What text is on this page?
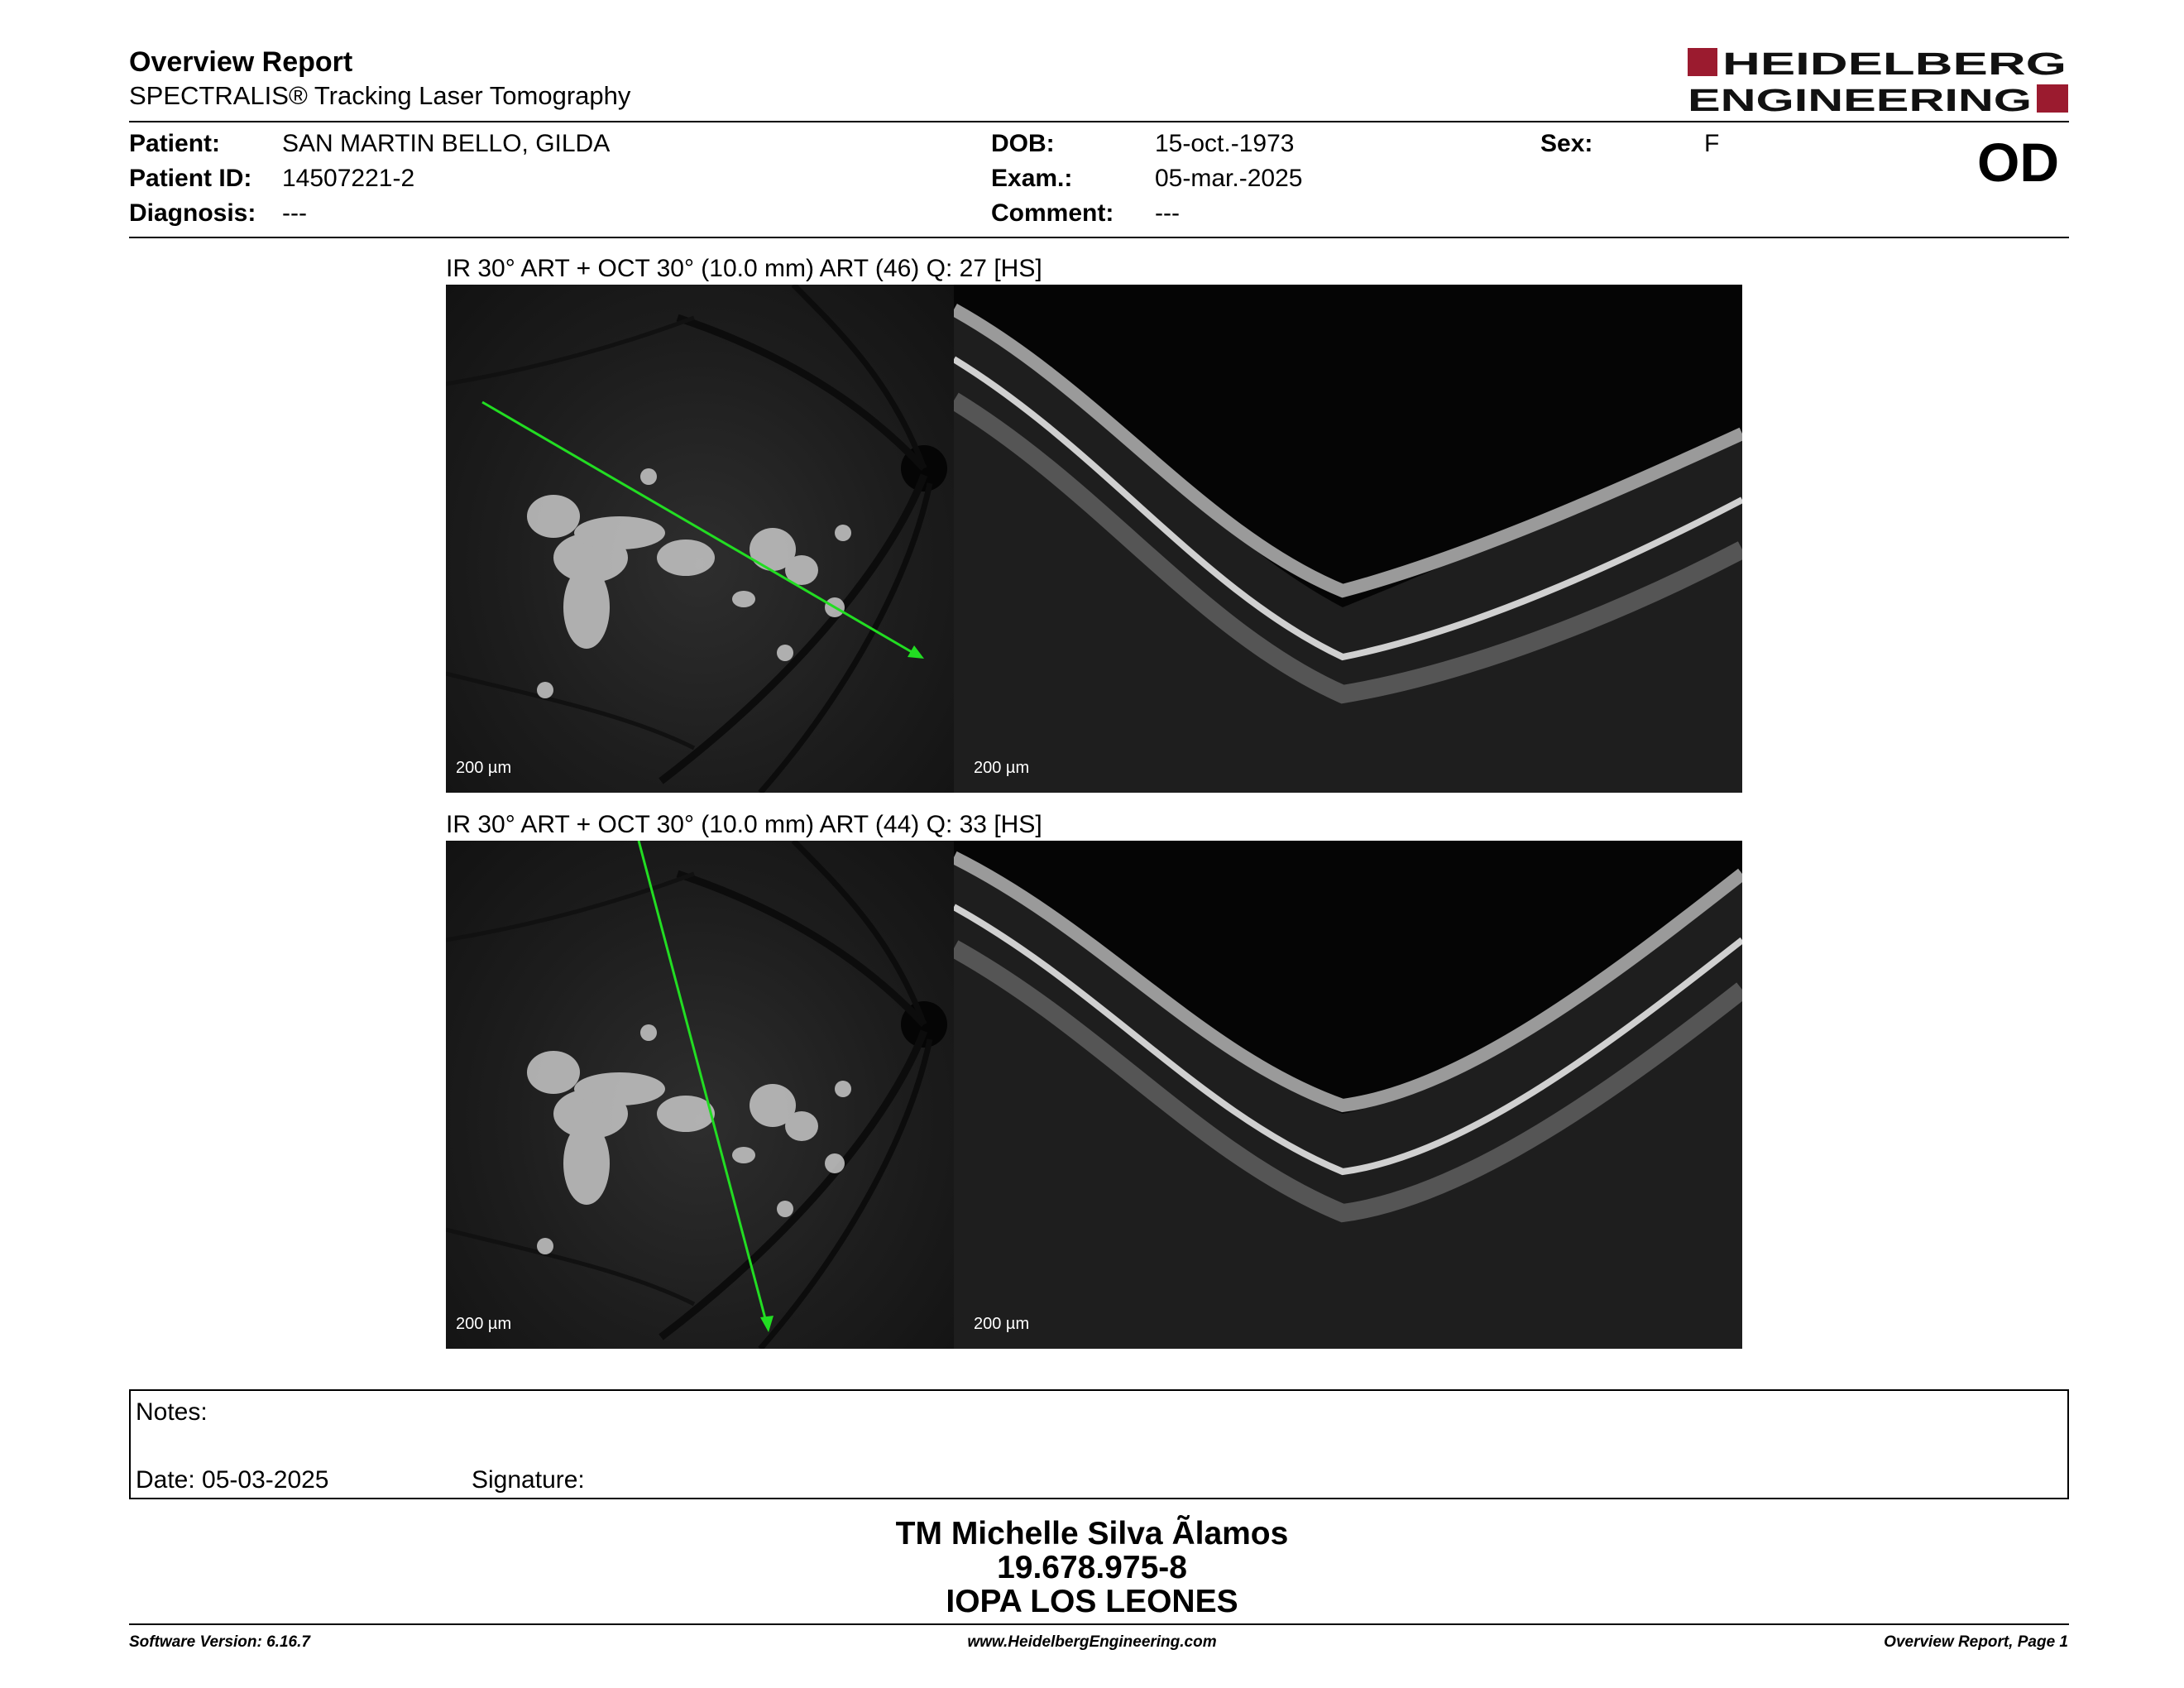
Overview Report
SPECTRALIS® Tracking Laser Tomography
HEIDELBERG
ENGINEERING
Patient: SAN MARTIN BELLO, GILDA
Patient ID: 14507221-2
Diagnosis: ---
DOB:	15-oct.-1973
Exam.:	05-mar.-2025
Comment: ---
Sex:	F	OD
IR 30° ART + OCT 30° (10.0 mm) ART (46) Q: 27 [HS]
200 µm	200 µm
IR 30° ART + OCT 30° (10.0 mm) ART (44) Q: 33 [HS]
200 µm	200 µm
Notes:
Date: 05-03-2025	Signature:
TM Michelle Silva Ãlamos
19.678.975-8
IOPA LOS LEONES
Software Version: 6.16.7	www.HeidelbergEngineering.com	Overview Report, Page 1
